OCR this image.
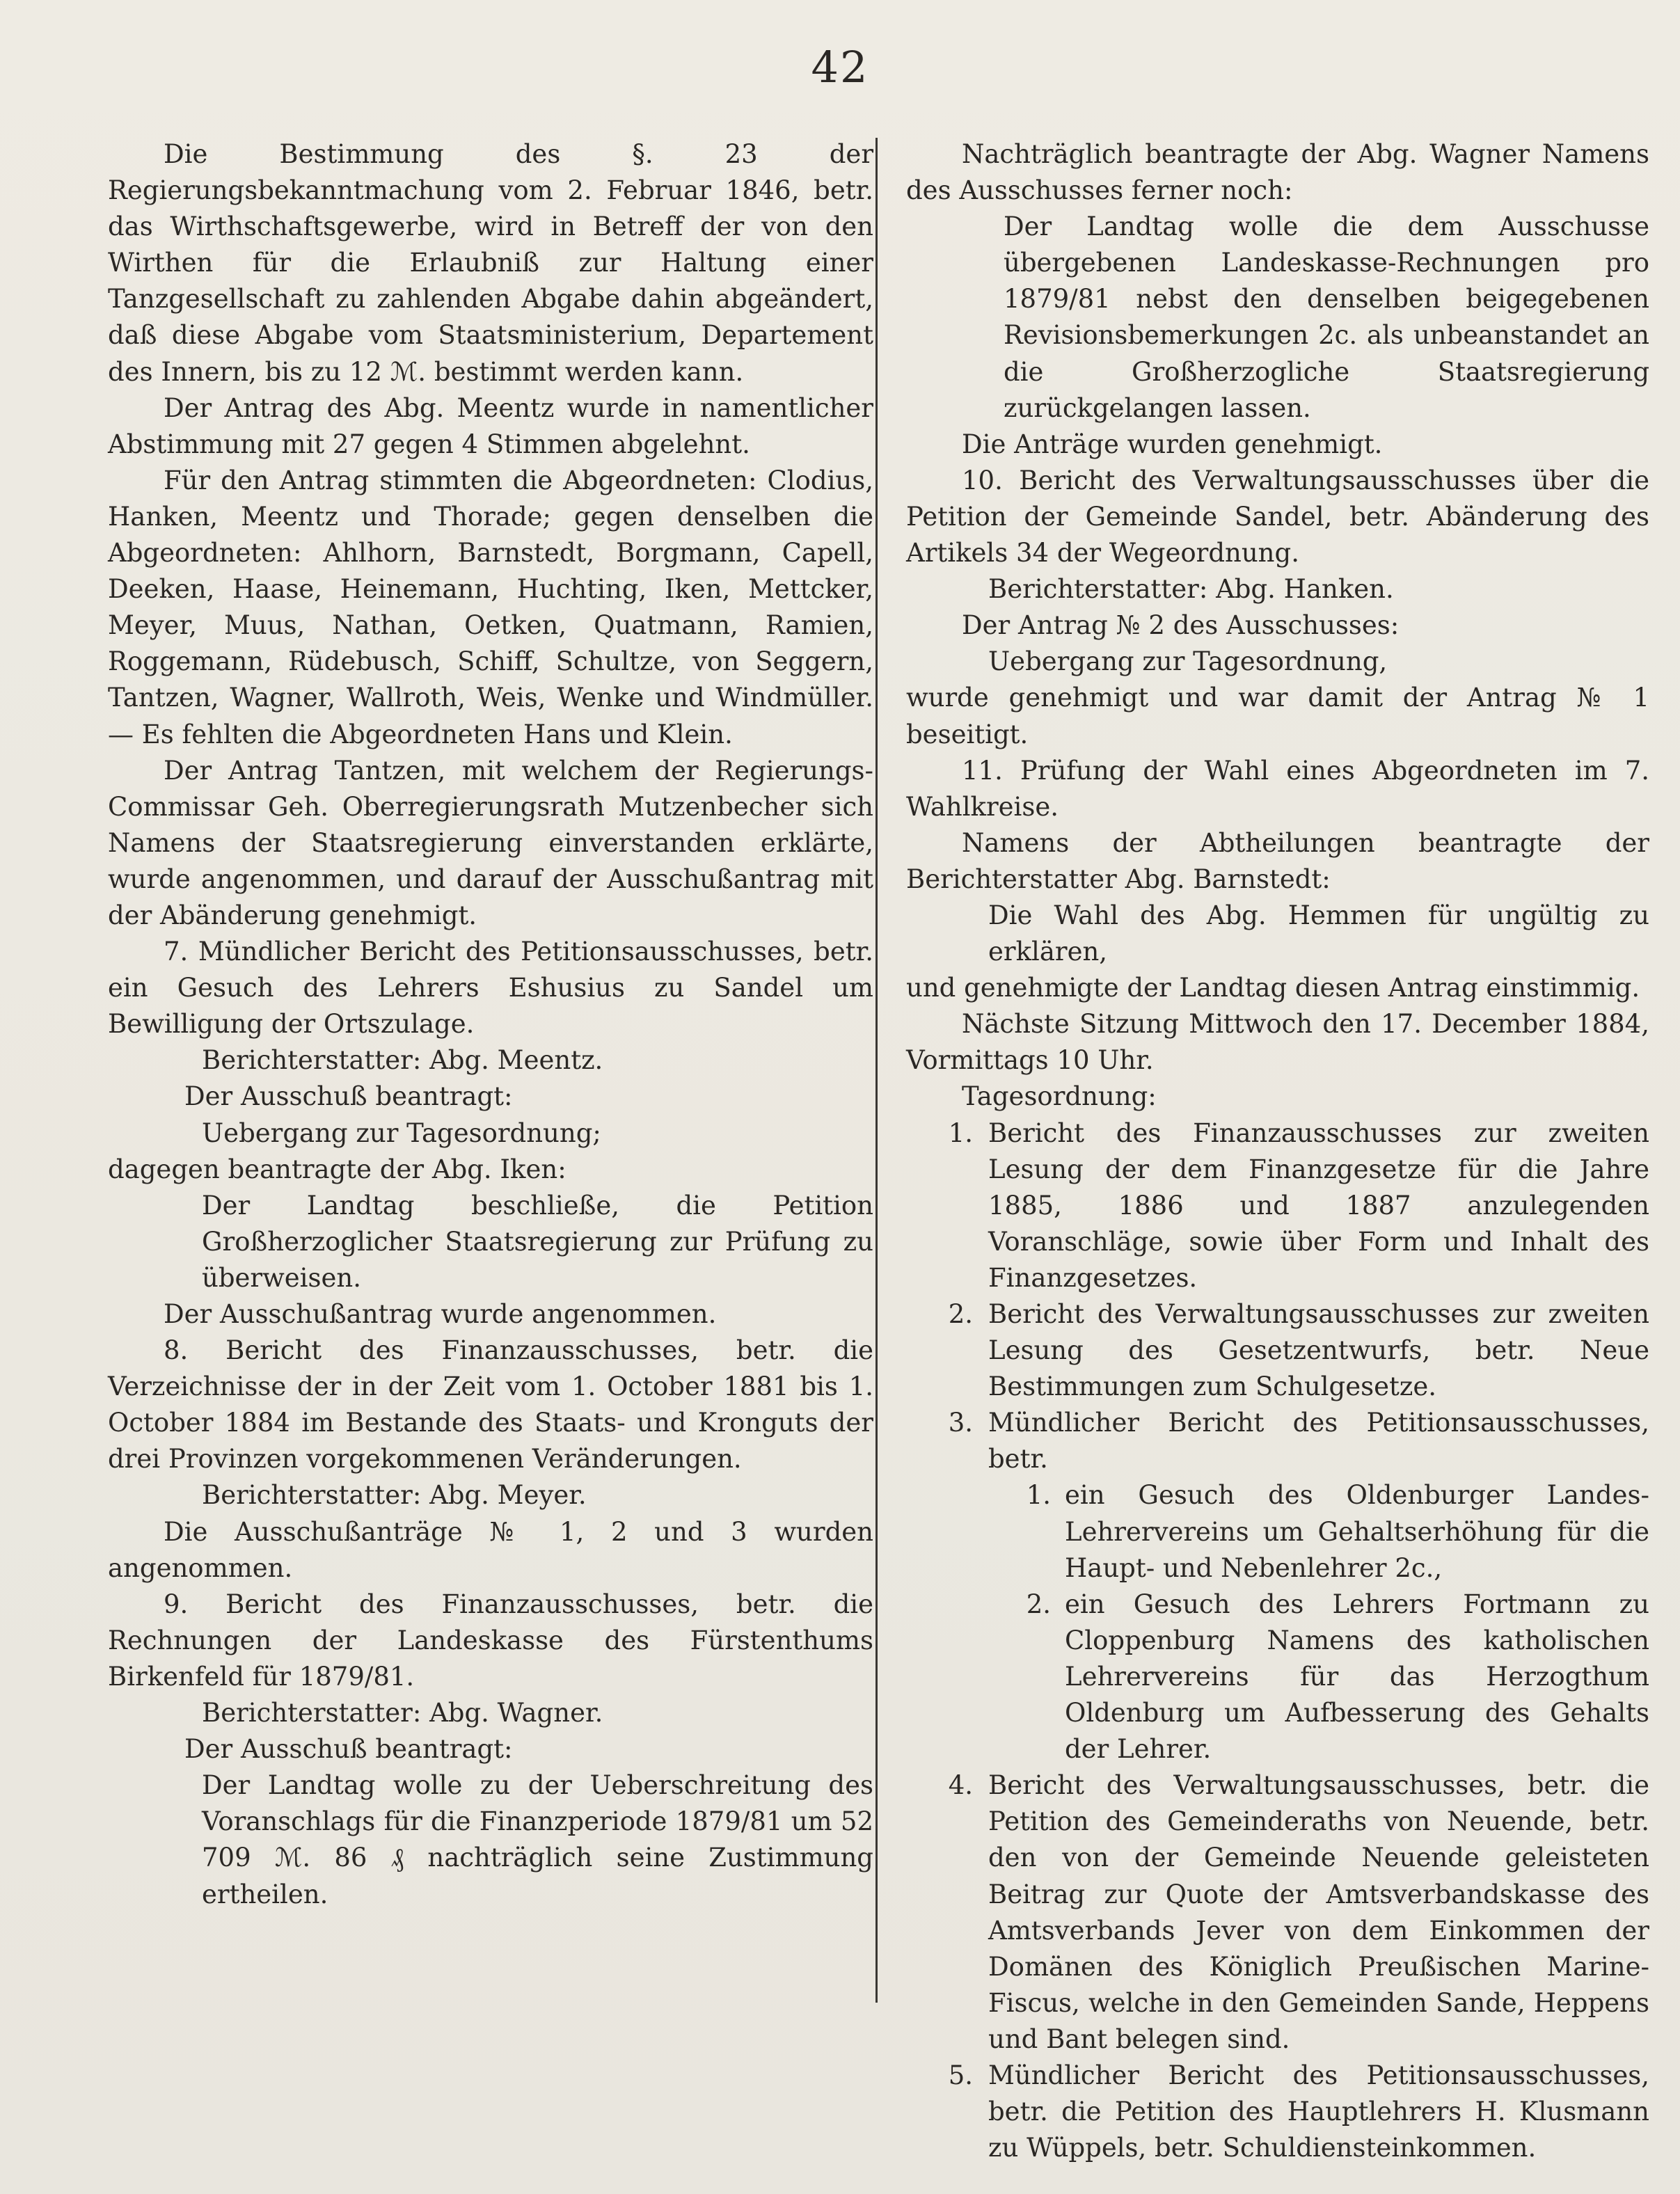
42

Die Bestimmung des §. 23 der Regierungsbekanntmachung vom 2. Februar 1846, betr. das Wirthschaftsgewerbe, wird in Betreff der von den Wirthen für die Erlaubniß zur Haltung einer Tanzgesellschaft zu zahlenden Abgabe dahin abgeändert, daß diese Abgabe vom Staatsministerium, Departement des Innern, bis zu 12 ℳ. bestimmt werden kann.

Der Antrag des Abg. Meentz wurde in namentlicher Abstimmung mit 27 gegen 4 Stimmen abgelehnt.

Für den Antrag stimmten die Abgeordneten: Clodius, Hanken, Meentz und Thorade; gegen denselben die Abgeordneten: Ahlhorn, Barnstedt, Borgmann, Capell, Deeken, Haase, Heinemann, Huchting, Iken, Mettcker, Meyer, Muus, Nathan, Oetken, Quatmann, Ramien, Roggemann, Rüdebusch, Schiff, Schultze, von Seggern, Tantzen, Wagner, Wallroth, Weis, Wenke und Windmüller. — Es fehlten die Abgeordneten Hans und Klein.

Der Antrag Tantzen, mit welchem der Regierungs-Commissar Geh. Oberregierungsrath Mutzenbecher sich Namens der Staatsregierung einverstanden erklärte, wurde angenommen, und darauf der Ausschußantrag mit der Abänderung genehmigt.

7. Mündlicher Bericht des Petitionsausschusses, betr. ein Gesuch des Lehrers Eshusius zu Sandel um Bewilligung der Ortszulage.

Berichterstatter: Abg. Meentz.

Der Ausschuß beantragt:

Uebergang zur Tagesordnung;

dagegen beantragte der Abg. Iken:

Der Landtag beschließe, die Petition Großherzoglicher Staatsregierung zur Prüfung zu überweisen.

Der Ausschußantrag wurde angenommen.

8. Bericht des Finanzausschusses, betr. die Verzeichnisse der in der Zeit vom 1. October 1881 bis 1. October 1884 im Bestande des Staats- und Kronguts der drei Provinzen vorgekommenen Veränderungen.

Berichterstatter: Abg. Meyer.

Die Ausschußanträge № 1, 2 und 3 wurden angenommen.

9. Bericht des Finanzausschusses, betr. die Rechnungen der Landeskasse des Fürstenthums Birkenfeld für 1879/81.

Berichterstatter: Abg. Wagner.

Der Ausschuß beantragt:

Der Landtag wolle zu der Ueberschreitung des Voranschlags für die Finanzperiode 1879/81 um 52 709 ℳ. 86 ₰ nachträglich seine Zustimmung ertheilen.

Nachträglich beantragte der Abg. Wagner Namens des Ausschusses ferner noch:

Der Landtag wolle die dem Ausschusse übergebenen Landeskasse-Rechnungen pro 1879/81 nebst den denselben beigegebenen Revisionsbemerkungen 2c. als unbeanstandet an die Großherzogliche Staatsregierung zurückgelangen lassen.

Die Anträge wurden genehmigt.

10. Bericht des Verwaltungsausschusses über die Petition der Gemeinde Sandel, betr. Abänderung des Artikels 34 der Wegeordnung.

Berichterstatter: Abg. Hanken.

Der Antrag № 2 des Ausschusses:

Uebergang zur Tagesordnung,

wurde genehmigt und war damit der Antrag № 1 beseitigt.

11. Prüfung der Wahl eines Abgeordneten im 7. Wahlkreise.

Namens der Abtheilungen beantragte der Berichterstatter Abg. Barnstedt:

Die Wahl des Abg. Hemmen für ungültig zu erklären,

und genehmigte der Landtag diesen Antrag einstimmig.

Nächste Sitzung Mittwoch den 17. December 1884, Vormittags 10 Uhr.

Tagesordnung:

1. Bericht des Finanzausschusses zur zweiten Lesung der dem Finanzgesetze für die Jahre 1885, 1886 und 1887 anzulegenden Voranschläge, sowie über Form und Inhalt des Finanzgesetzes.
2. Bericht des Verwaltungsausschusses zur zweiten Lesung des Gesetzentwurfs, betr. Neue Bestimmungen zum Schulgesetze.
3. Mündlicher Bericht des Petitionsausschusses, betr.
1. ein Gesuch des Oldenburger Landes-Lehrervereins um Gehaltserhöhung für die Haupt- und Nebenlehrer 2c.,
2. ein Gesuch des Lehrers Fortmann zu Cloppenburg Namens des katholischen Lehrervereins für das Herzogthum Oldenburg um Aufbesserung des Gehalts der Lehrer.
4. Bericht des Verwaltungsausschusses, betr. die Petition des Gemeinderaths von Neuende, betr. den von der Gemeinde Neuende geleisteten Beitrag zur Quote der Amtsverbandskasse des Amtsverbands Jever von dem Einkommen der Domänen des Königlich Preußischen Marine-Fiscus, welche in den Gemeinden Sande, Heppens und Bant belegen sind.
5. Mündlicher Bericht des Petitionsausschusses, betr. die Petition des Hauptlehrers H. Klusmann zu Wüppels, betr. Schuldiensteinkommen.
